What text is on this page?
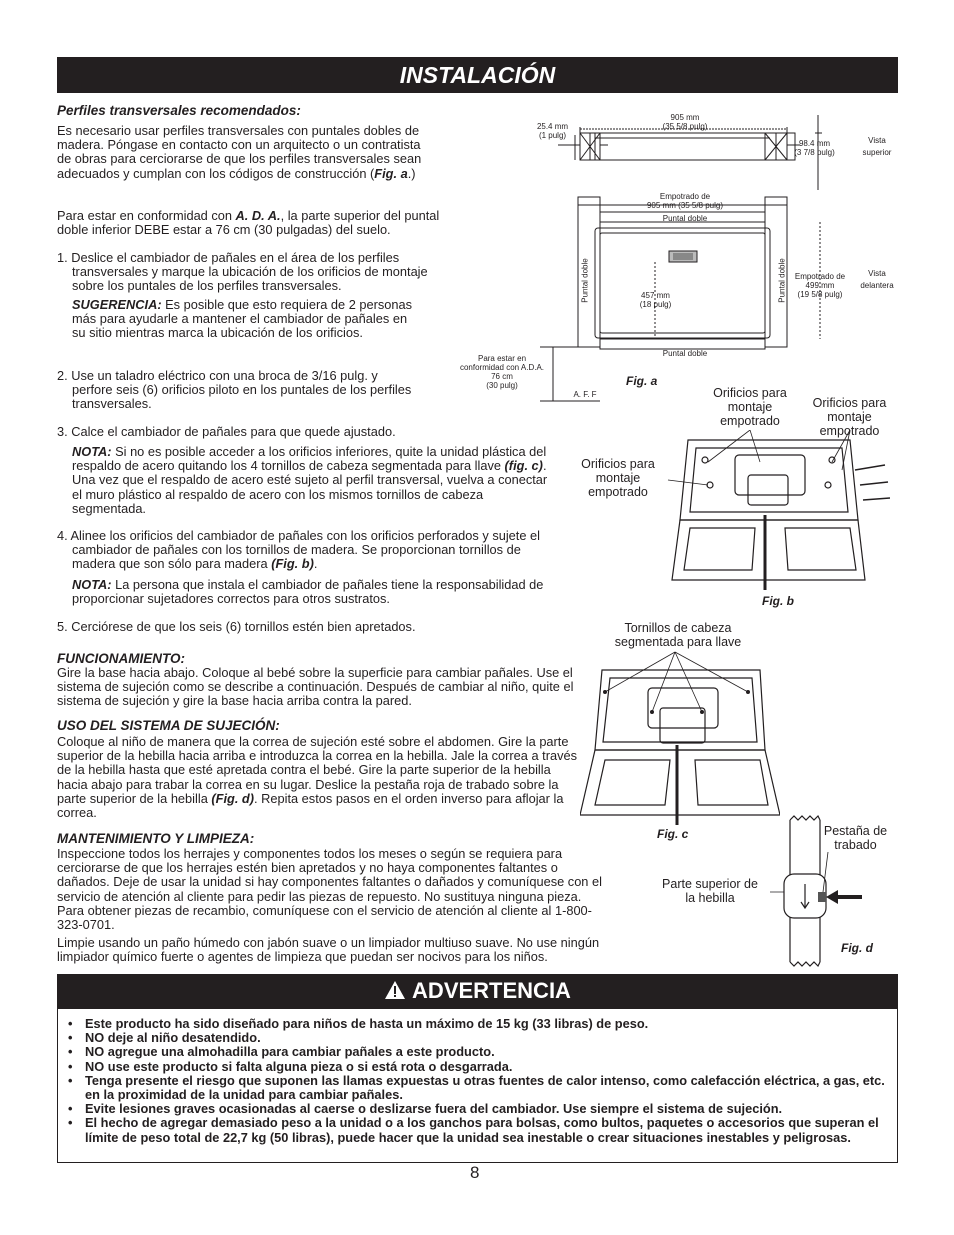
INSTALACIÓN
Perfiles transversales recomendados:
Es necesario usar perfiles transversales con puntales dobles de madera. Póngase en contacto con un arquitecto o un contratista de obras para cerciorarse de que los perfiles transversales sean adecuados y cumplan con los códigos de construcción (Fig. a.)
Para estar en conformidad con A. D. A., la parte superior del puntal doble inferior DEBE estar a 76 cm (30 pulgadas) del suelo.
1. Deslice el cambiador de pañales en el área de los perfiles transversales y marque la ubicación de los orificios de montaje sobre los puntales de los perfiles transversales.
SUGERENCIA: Es posible que esto requiera de 2 personas más para ayudarle a mantener el cambiador de pañales en su sitio mientras marca la ubicación de los orificios.
2. Use un taladro eléctrico con una broca de 3/16 pulg. y perfore seis (6) orificios piloto en los puntales de los perfiles transversales.
3. Calce el cambiador de pañales para que quede ajustado.
NOTA: Si no es posible acceder a los orificios inferiores, quite la unidad plástica del respaldo de acero quitando los 4 tornillos de cabeza segmentada para llave (fig. c). Una vez que el respaldo de acero esté sujeto al perfil transversal, vuelva a conectar el muro plástico al respaldo de acero con los mismos tornillos de cabeza segmentada.
4. Alinee los orificios del cambiador de pañales con los orificios perforados y sujete el cambiador de pañales con los tornillos de madera. Se proporcionan tornillos de madera que son sólo para madera (Fig. b).
NOTA: La persona que instala el cambiador de pañales tiene la responsabilidad de proporcionar sujetadores correctos para otros sustratos.
5. Cerciórese de que los seis (6) tornillos estén bien apretados.
FUNCIONAMIENTO:
Gire la base hacia abajo. Coloque al bebé sobre la superficie para cambiar pañales. Use el sistema de sujeción como se describe a continuación. Después de cambiar al niño, quite el sistema de sujeción y gire la base hacia arriba contra la pared.
USO DEL SISTEMA DE SUJECIÓN:
Coloque al niño de manera que la correa de sujeción esté sobre el abdomen. Gire la parte superior de la hebilla hacia arriba e introduzca la correa en la hebilla. Jale la correa a través de la hebilla hasta que esté apretada contra el bebé. Gire la parte superior de la hebilla hacia abajo para trabar la correa en su lugar. Deslice la pestaña roja de trabado sobre la parte superior de la hebilla (Fig. d). Repita estos pasos en el orden inverso para aflojar la correa.
MANTENIMIENTO Y LIMPIEZA:
Inspeccione todos los herrajes y componentes todos los meses o según se requiera para cerciorarse de que los herrajes estén bien apretados y no haya componentes faltantes o dañados. Deje de usar la unidad si hay componentes faltantes o dañados y comuníquese con el servicio de atención al cliente para pedir las piezas de repuesto. No sustituya ninguna pieza. Para obtener piezas de recambio, comuníquese con el servicio de atención al cliente al 1-800-323-0701.
Limpie usando un paño húmedo con jabón suave o un limpiador multiuso suave. No use ningún limpiador químico fuerte o agentes de limpieza que puedan ser nocivos para los niños.
905 mm
(35 5/8 pulg)
25.4 mm
(1 pulg)
98.4 mm
(3 7/8 pulg)
Vista
superior
Empotrado de
905 mm (35 5/8 pulg)
Puntal doble
Puntal doble
Puntal doble	Puntal doble
457 mm
(18 pulg)
Empotrado de
499 mm
(19 5/8 pulg)
Vista
delantera
Para estar en
conformidad con A.D.A.
76 cm
(30 pulg)
A. F. F
Fig. a
Orificios para montaje empotrado
Orificios para montaje empotrado
Orificios para montaje empotrado
Fig. b
Tornillos de cabeza segmentada para llave
Fig. c	Pestaña de trabado
Parte superior de la hebilla
Fig. d
ADVERTENCIA
• Este producto ha sido diseñado para niños de hasta un máximo de 15 kg (33 libras) de peso.
• NO deje al niño desatendido.
• NO agregue una almohadilla para cambiar pañales a este producto.
• NO use este producto si falta alguna pieza o si está rota o desgarrada.
• Tenga presente el riesgo que suponen las llamas expuestas u otras fuentes de calor intenso, como calefacción eléctrica, a gas, etc. en la proximidad de la unidad para cambiar pañales.
• Evite lesiones graves ocasionadas al caerse o deslizarse fuera del cambiador. Use siempre el sistema de sujeción.
• El hecho de agregar demasiado peso a la unidad o a los ganchos para bolsas, como bultos, paquetes o accesorios que superan el límite de peso total de 22,7 kg (50 libras), puede hacer que la unidad sea inestable o crear situaciones inestables y peligrosas.
8
